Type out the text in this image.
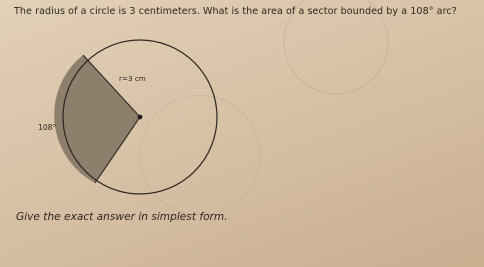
The radius of a circle is 3 centimeters. What is the area of a sector bounded by a 108° arc?
r=3 cm
108°
Give the exact answer in simplest form.
